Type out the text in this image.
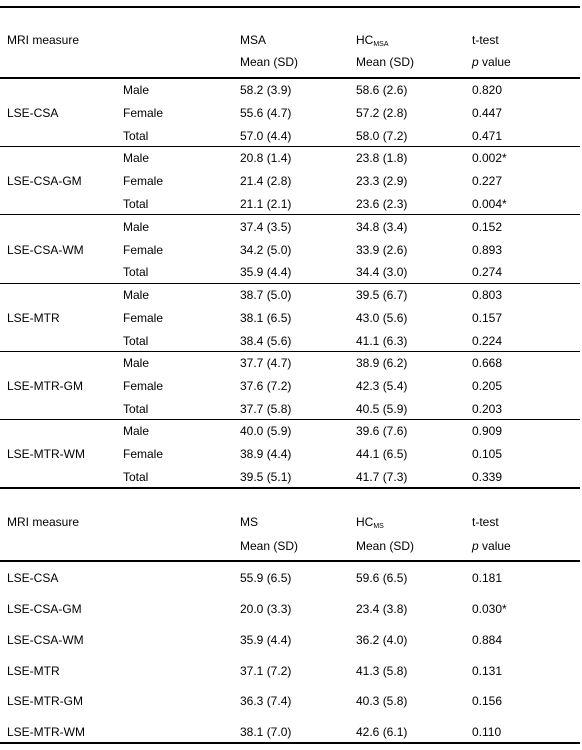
MRI measure	MSA	$HC_{MSA}$	t-test
Mean (SD)	Mean (SD)	p value
LSE-CSA
Male	58.2 (3.9)	58.6 (2.6)	0.820
Female	55.6 (4.7)	57.2 (2.8)	0.447
Total	57.0 (4.4)	58.0 (7.2)	0.471
LSE-CSA-GM
Male	20.8 (1.4)	23.8 (1.8)	0.002*
Female	21.4 (2.8)	23.3 (2.9)	0.227
Total	21.1 (2.1)	23.6 (2.3)	0.004*
LSE-CSA-WM
Male	37.4 (3.5)	34.8 (3.4)	0.152
Female	34.2 (5.0)	33.9 (2.6)	0.893
Total	35.9 (4.4)	34.4 (3.0)	0.274
LSE-MTR
Male	38.7 (5.0)	39.5 (6.7)	0.803
Female	38.1 (6.5)	43.0 (5.6)	0.157
Total	38.4 (5.6)	41.1 (6.3)	0.224
LSE-MTR-GM
Male	37.7 (4.7)	38.9 (6.2)	0.668
Female	37.6 (7.2)	42.3 (5.4)	0.205
Total	37.7 (5.8)	40.5 (5.9)	0.203
LSE-MTR-WM
Male	40.0 (5.9)	39.6 (7.6)	0.909
Female	38.9 (4.4)	44.1 (6.5)	0.105
Total	39.5 (5.1)	41.7 (7.3)	0.339
MRI measure	MS	$HC_{MS}$	t-test
Mean (SD)	Mean (SD)	p value
LSE-CSA	55.9 (6.5)	59.6 (6.5)	0.181
LSE-CSA-GM	20.0 (3.3)	23.4 (3.8)	0.030*
LSE-CSA-WM	35.9 (4.4)	36.2 (4.0)	0.884
LSE-MTR	37.1 (7.2)	41.3 (5.8)	0.131
LSE-MTR-GM	36.3 (7.4)	40.3 (5.8)	0.156
LSE-MTR-WM	38.1 (7.0)	42.6 (6.1)	0.110
